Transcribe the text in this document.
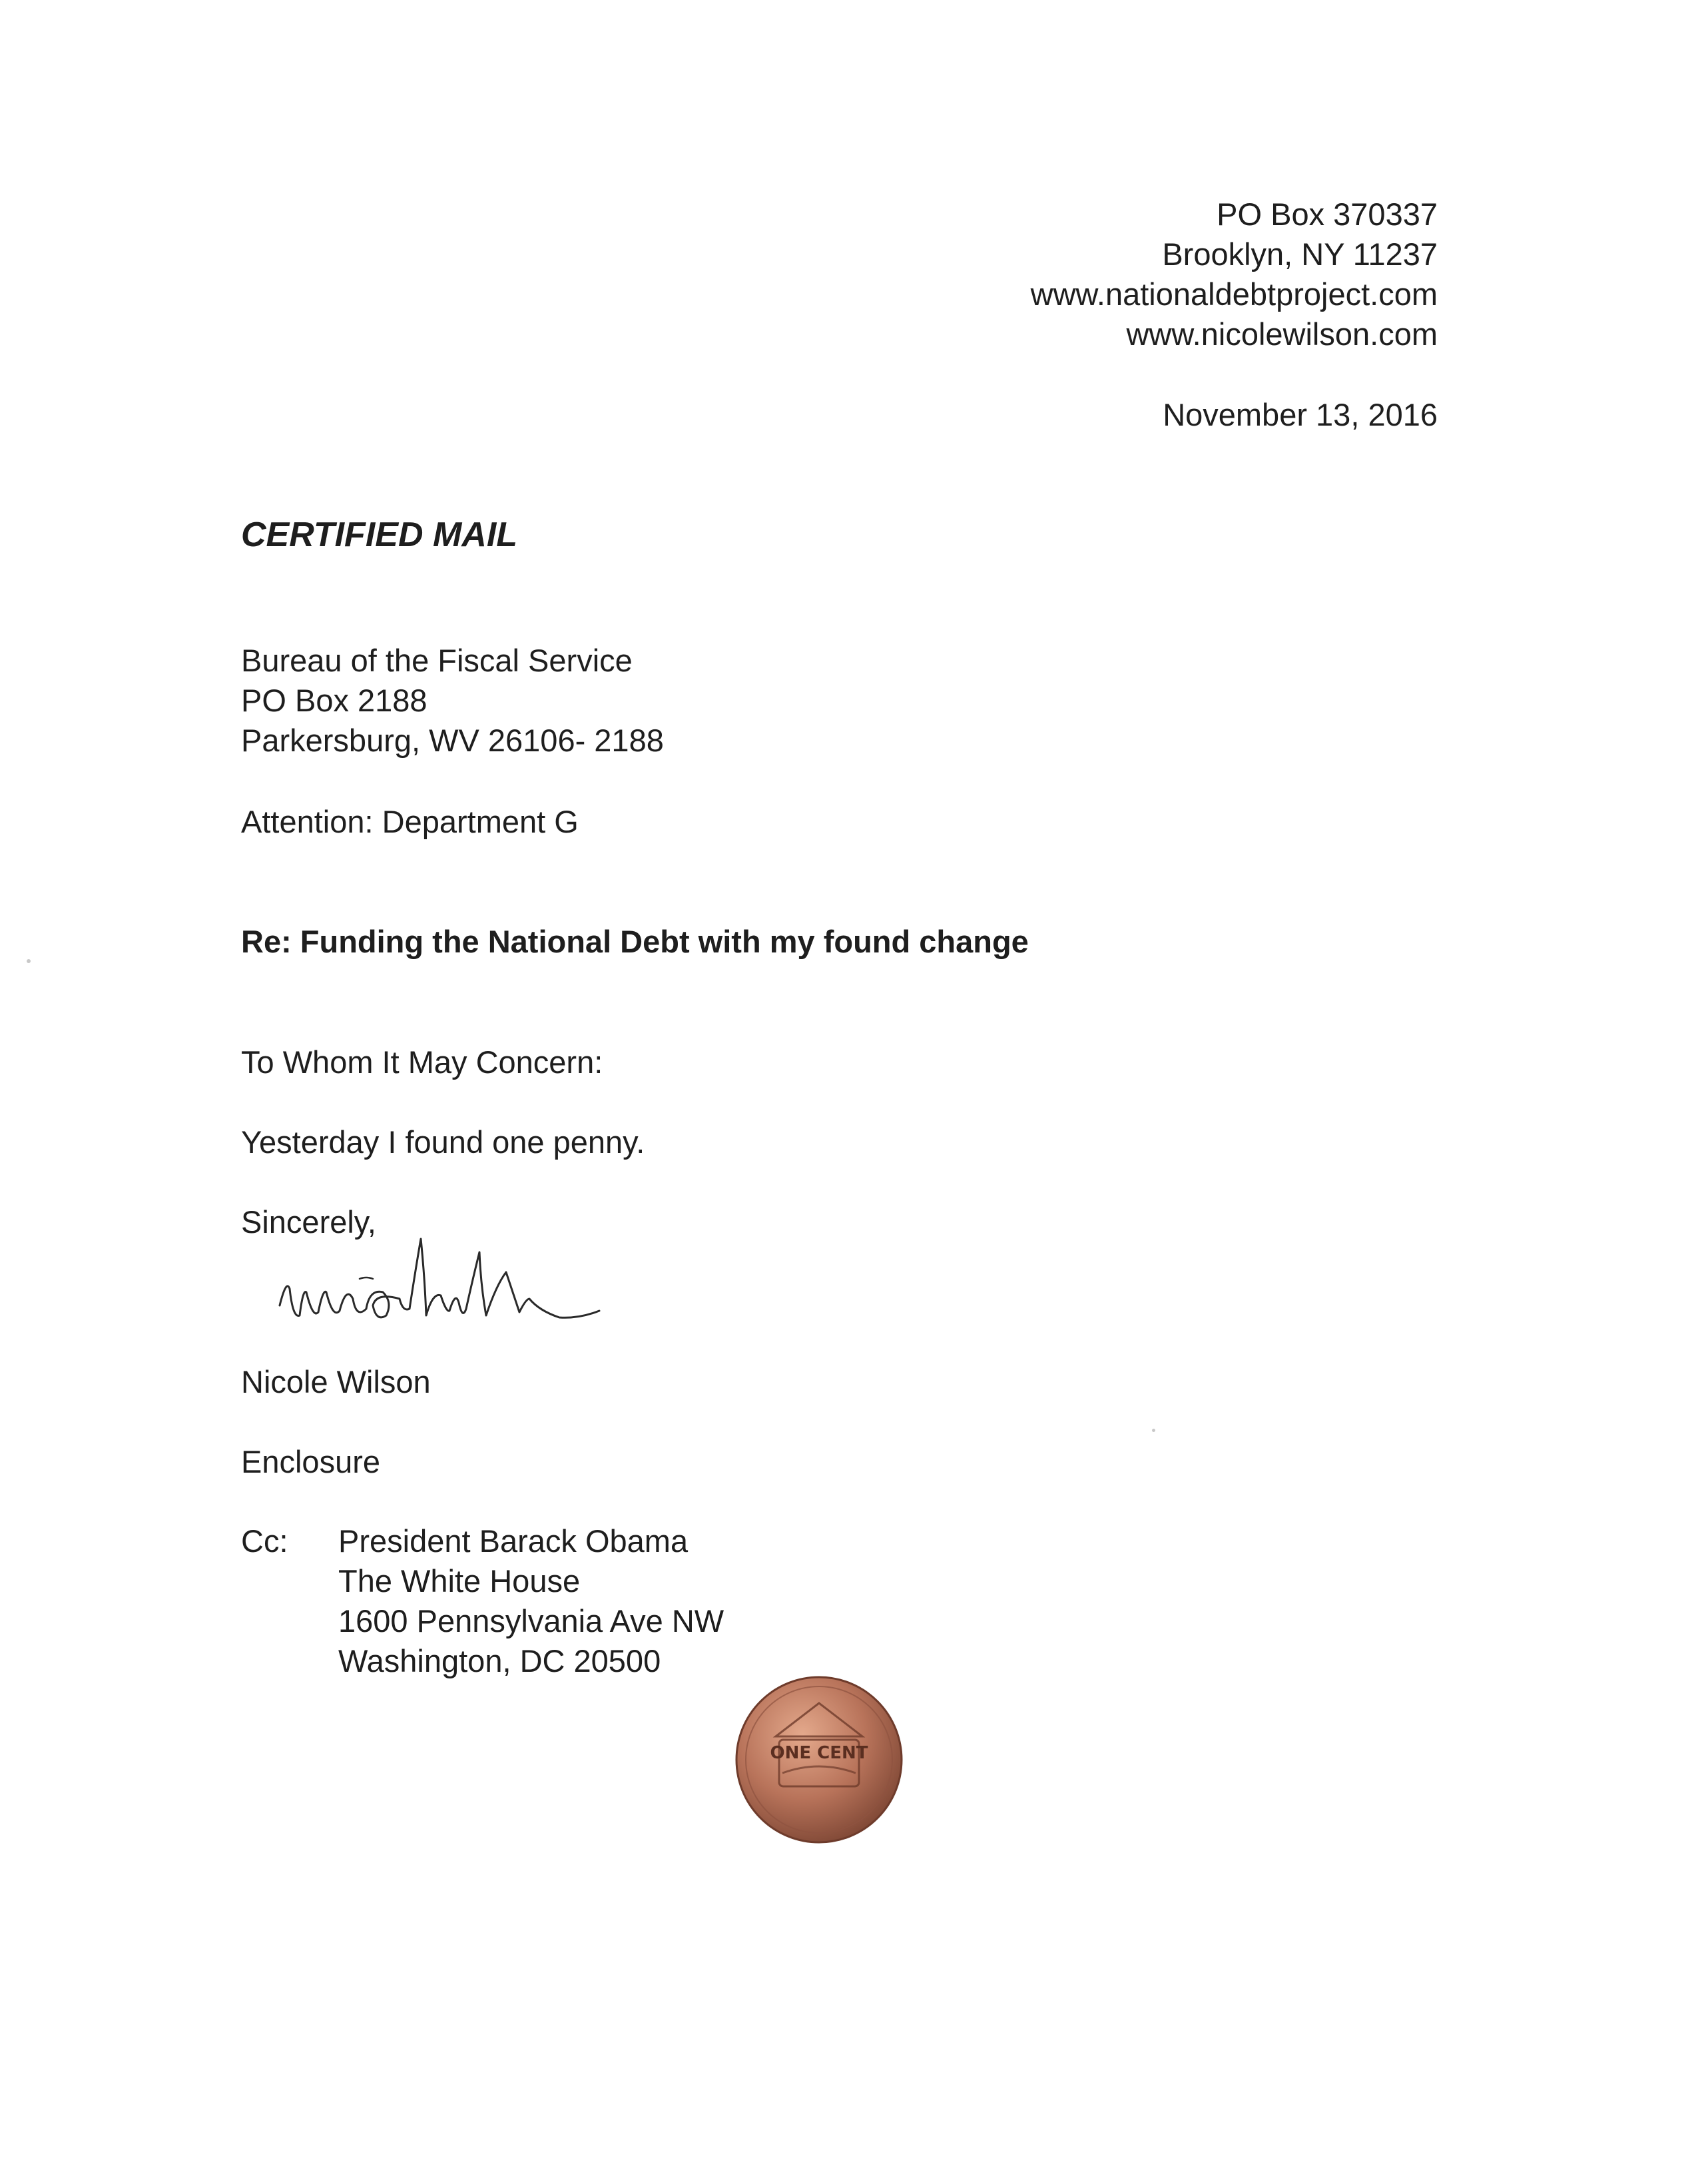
PO Box 370337
Brooklyn, NY 11237
www.nationaldebtproject.com
www.nicolewilson.com
November 13, 2016
CERTIFIED MAIL
Bureau of the Fiscal Service
PO Box 2188
Parkersburg, WV 26106- 2188
Attention: Department G
Re: Funding the National Debt with my found change
To Whom It May Concern:
Yesterday I found one penny.
Sincerely,
Nicole Wilson
Enclosure
Cc: President Barack Obama
The White House
1600 Pennsylvania Ave NW
Washington, DC 20500
ONE CENT
